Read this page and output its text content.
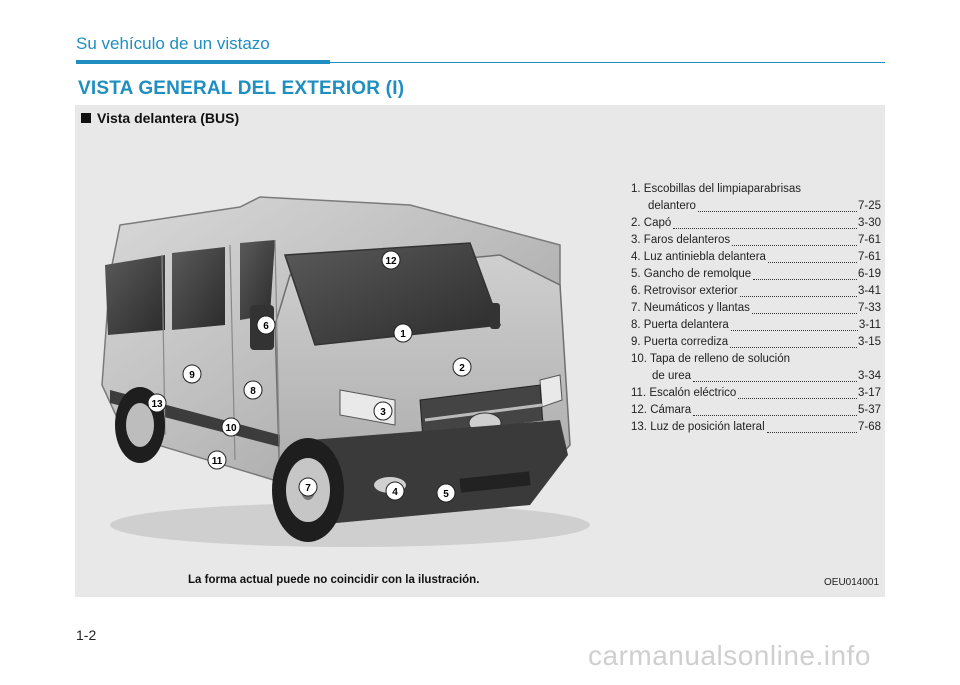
Su vehículo de un vistazo
VISTA GENERAL DEL EXTERIOR (I)
Vista delantera (BUS)
1
2
3
4	5
6
7
8
9
10
11
12
13
1. Escobillas del limpiaparabrisas
delantero	7-25
2. Capó	3-30
3. Faros delanteros	7-61
4. Luz antiniebla delantera	7-61
5. Gancho de remolque	6-19
6. Retrovisor exterior	3-41
7. Neumáticos y llantas	7-33
8. Puerta delantera	3-11
9. Puerta corrediza	3-15
10. Tapa de relleno de solución
de urea	3-34
11. Escalón eléctrico	3-17
12. Cámara	5-37
13. Luz de posición lateral	7-68
La forma actual puede no coincidir con la ilustración.	OEU014001
1-2
carmanualsonline.info
